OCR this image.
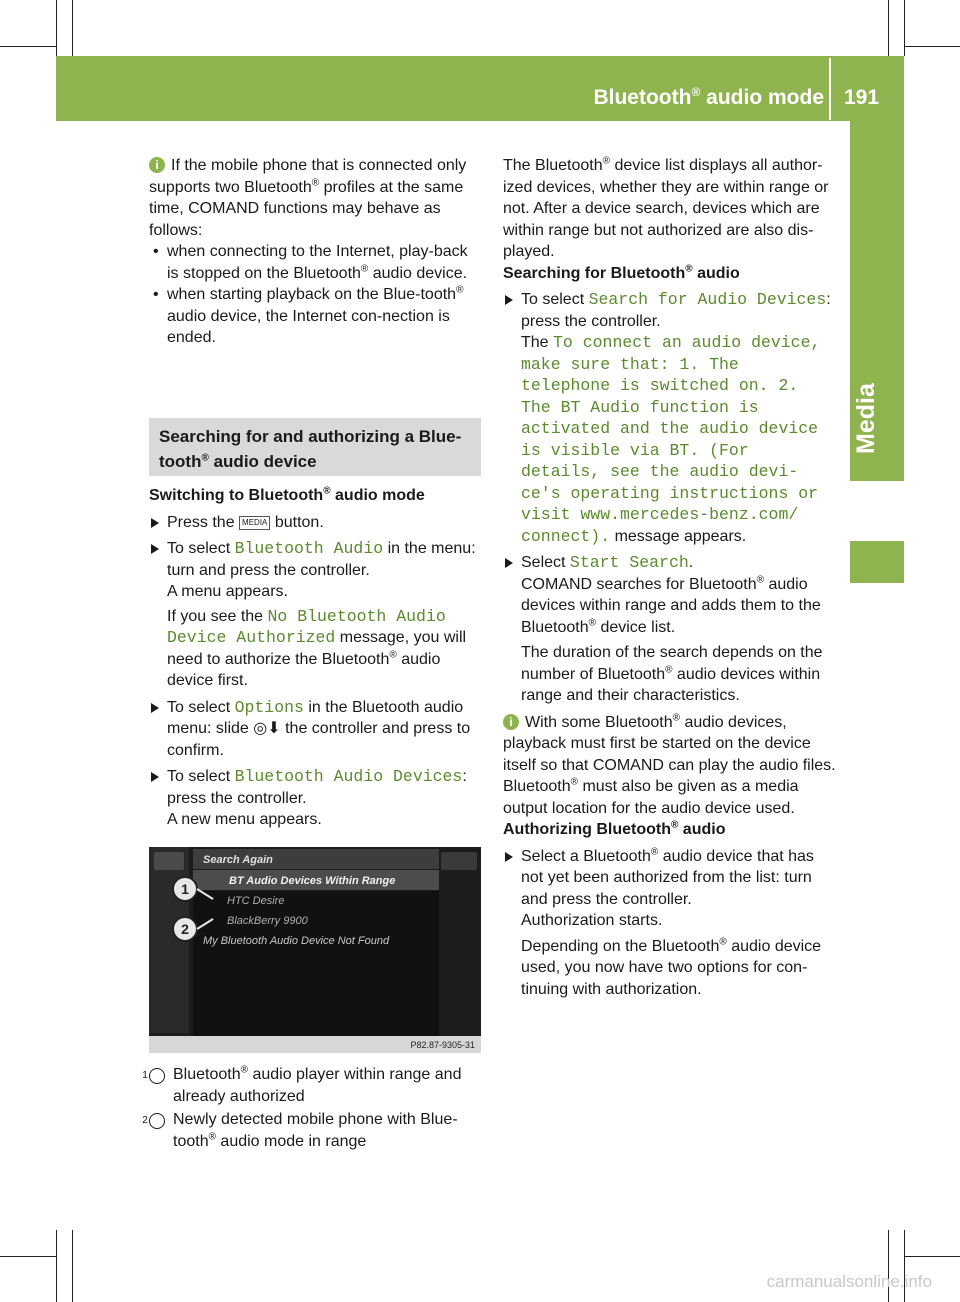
Bluetooth® audio mode 191
Media

i If the mobile phone that is connected only supports two Bluetooth® profiles at the same time, COMAND functions may behave as follows:

• when connecting to the Internet, play-back is stopped on the Bluetooth® audio device.

• when starting playback on the Blue-tooth® audio device, the Internet con-nection is ended.

Searching for and authorizing a Blue-tooth® audio device

Switching to Bluetooth® audio mode

Press the MEDIA button.

To select Bluetooth Audio in the menu: turn and press the controller.
A menu appears.

If you see the No Bluetooth Audio Device Authorized message, you will need to authorize the Bluetooth® audio device first.

To select Options in the Bluetooth audio menu: slide ◎⬇ the controller and press to confirm.

To select Bluetooth Audio Devices:
press the controller.
A new menu appears.

1
2
Search Again
BT Audio Devices Within Range
HTC Desire
BlackBerry 9900
My Bluetooth Audio Device Not Found
P82.87-9305-31

1 Bluetooth® audio player within range and already authorized

2 Newly detected mobile phone with Blue-tooth® audio mode in range

The Bluetooth® device list displays all author-ized devices, whether they are within range or not. After a device search, devices which are within range but not authorized are also dis-played.

Searching for Bluetooth® audio

To select Search for Audio Devices:
press the controller.
The To connect an audio device, make sure that: 1. The telephone is switched on. 2. The BT Audio function is activated and the audio device is visible via BT. (For details, see the audio devi‐ ce's operating instructions or visit www.mercedes-benz.com/ connect). message appears.

Select Start Search.
COMAND searches for Bluetooth® audio devices within range and adds them to the Bluetooth® device list.

The duration of the search depends on the number of Bluetooth® audio devices within range and their characteristics.

i With some Bluetooth® audio devices, playback must first be started on the device itself so that COMAND can play the audio files. Bluetooth® must also be given as a media output location for the audio device used.

Authorizing Bluetooth® audio

Select a Bluetooth® audio device that has not yet been authorized from the list: turn and press the controller.
Authorization starts.

Depending on the Bluetooth® audio device used, you now have two options for con-tinuing with authorization.

carmanualsonline.info
